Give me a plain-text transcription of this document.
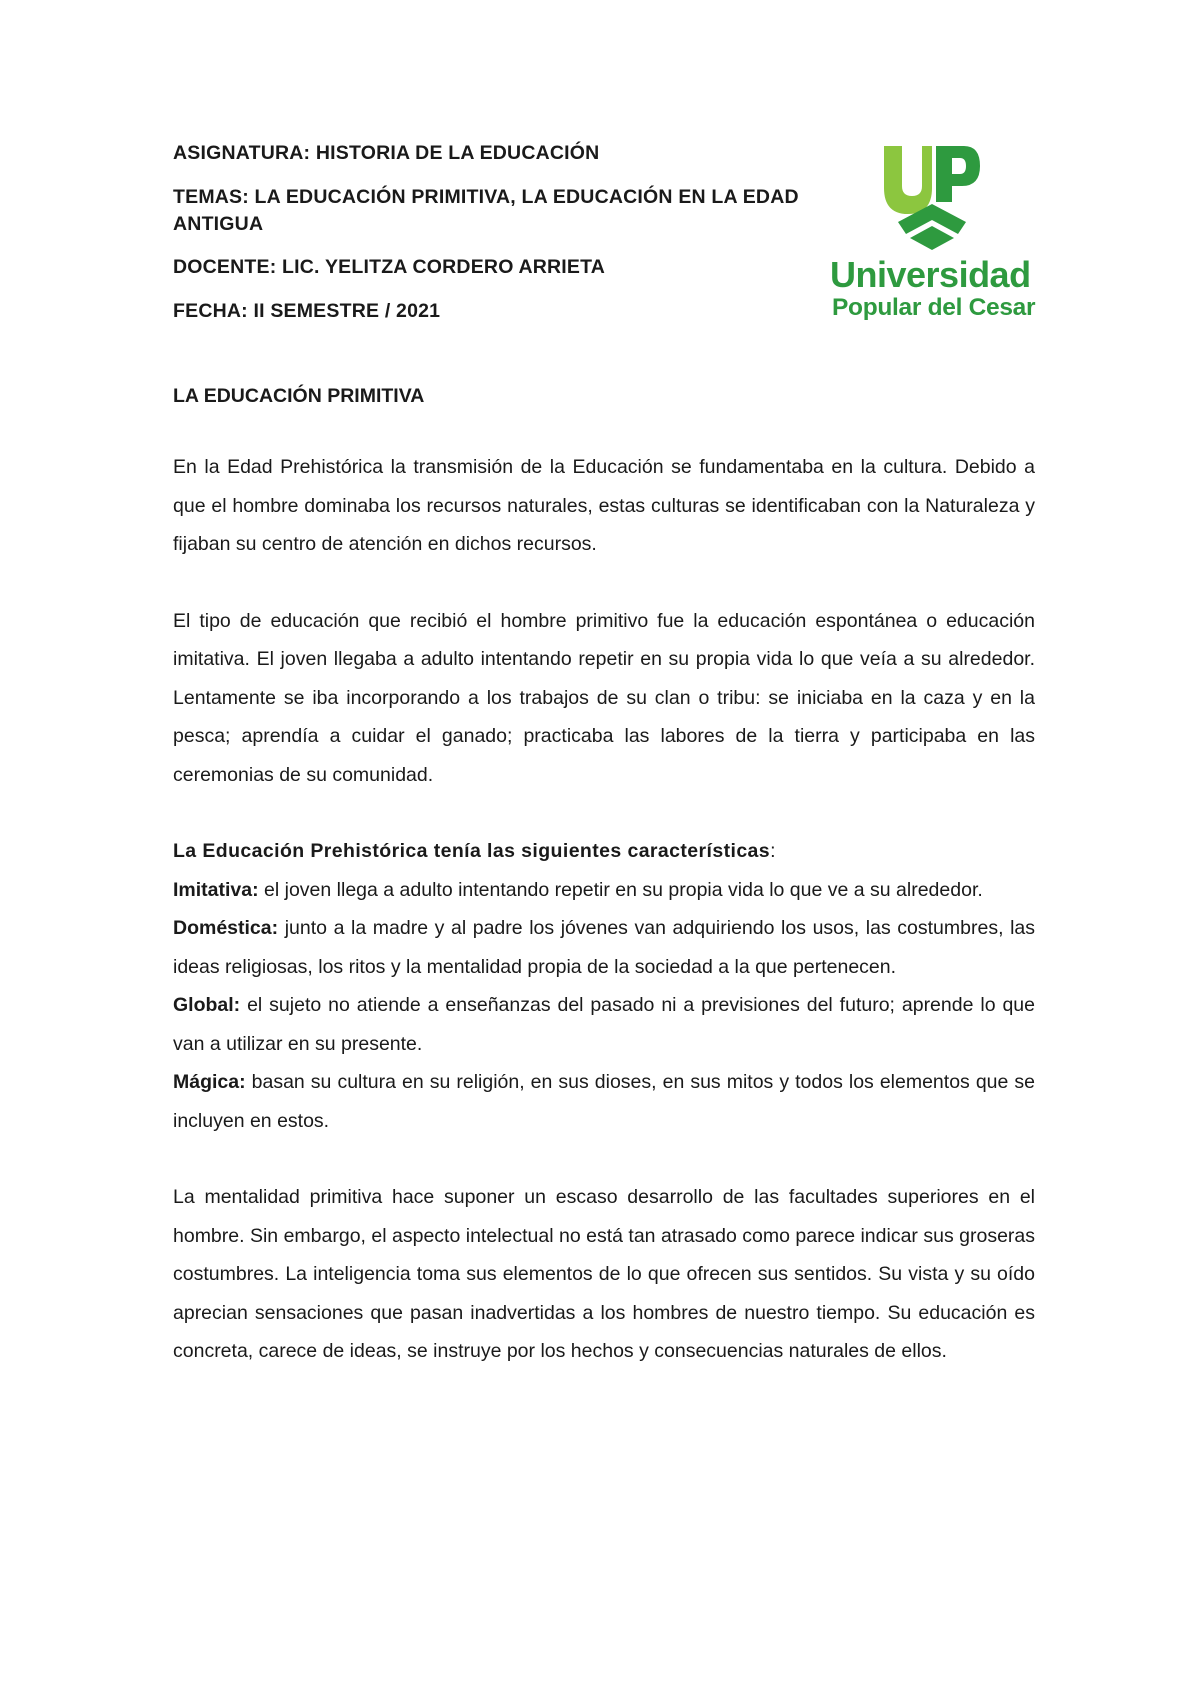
ASIGNATURA: HISTORIA DE LA EDUCACIÓN

TEMAS: LA EDUCACIÓN PRIMITIVA, LA EDUCACIÓN EN LA EDAD ANTIGUA

DOCENTE: LIC. YELITZA CORDERO ARRIETA

FECHA: II SEMESTRE / 2021

Universidad
Popular del Cesar

LA EDUCACIÓN PRIMITIVA

En la Edad Prehistórica la transmisión de la Educación se fundamentaba en la cultura. Debido a que el hombre dominaba los recursos naturales, estas culturas se identificaban con la Naturaleza y fijaban su centro de atención en dichos recursos.

El tipo de educación que recibió el hombre primitivo fue la educación espontánea o educación imitativa. El joven llegaba a adulto intentando repetir en su propia vida lo que veía a su alrededor. Lentamente se iba incorporando a los trabajos de su clan o tribu: se iniciaba en la caza y en la pesca; aprendía a cuidar el ganado; practicaba las labores de la tierra y participaba en las ceremonias de su comunidad.

La Educación Prehistórica tenía las siguientes características:

Imitativa: el joven llega a adulto intentando repetir en su propia vida lo que ve a su alrededor.

Doméstica: junto a la madre y al padre los jóvenes van adquiriendo los usos, las costumbres, las ideas religiosas, los ritos y la mentalidad propia de la sociedad a la que pertenecen.

Global: el sujeto no atiende a enseñanzas del pasado ni a previsiones del futuro; aprende lo que van a utilizar en su presente.

Mágica: basan su cultura en su religión, en sus dioses, en sus mitos y todos los elementos que se incluyen en estos.

La mentalidad primitiva hace suponer un escaso desarrollo de las facultades superiores en el hombre. Sin embargo, el aspecto intelectual no está tan atrasado como parece indicar sus groseras costumbres. La inteligencia toma sus elementos de lo que ofrecen sus sentidos. Su vista y su oído aprecian sensaciones que pasan inadvertidas a los hombres de nuestro tiempo. Su educación es concreta, carece de ideas, se instruye por los hechos y consecuencias naturales de ellos.
